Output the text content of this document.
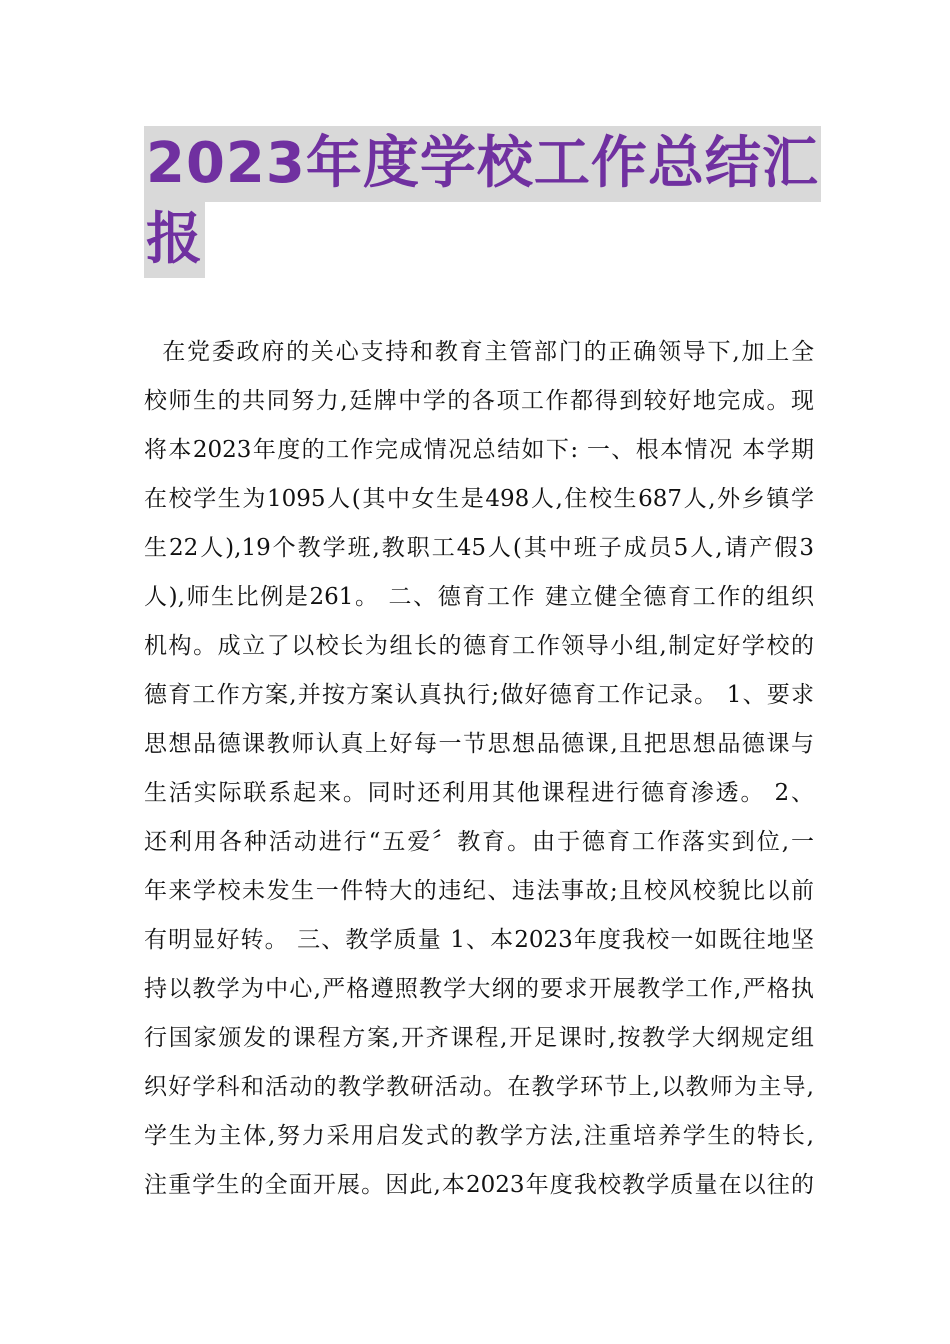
2023年度学校工作总结汇
报
在党委政府的关心支持和教育主管部门的正确领导下,加上全
校师生的共同努力,廷牌中学的各项工作都得到较好地完成。现
将本2023年度的工作完成情况总结如下: 一、根本情况 本学期
在校学生为1095人(其中女生是498人,住校生687人,外乡镇学
生22人),19个教学班,教职工45人(其中班子成员5人,请产假3
人),师生比例是261。 二、德育工作 建立健全德育工作的组织
机构。成立了以校长为组长的德育工作领导小组,制定好学校的
德育工作方案,并按方案认真执行;做好德育工作记录。 1、要求
思想品德课教师认真上好每一节思想品德课,且把思想品德课与
生活实际联系起来。同时还利用其他课程进行德育渗透。 2、
还利用各种活动进行“五爱〞教育。由于德育工作落实到位,一
年来学校未发生一件特大的违纪、违法事故;且校风校貌比以前
有明显好转。 三、教学质量 1、本2023年度我校一如既往地坚
持以教学为中心,严格遵照教学大纲的要求开展教学工作,严格执
行国家颁发的课程方案,开齐课程,开足课时,按教学大纲规定组
织好学科和活动的教学教研活动。在教学环节上,以教师为主导,
学生为主体,努力采用启发式的教学方法,注重培养学生的特长,
注重学生的全面开展。因此,本2023年度我校教学质量在以往的
